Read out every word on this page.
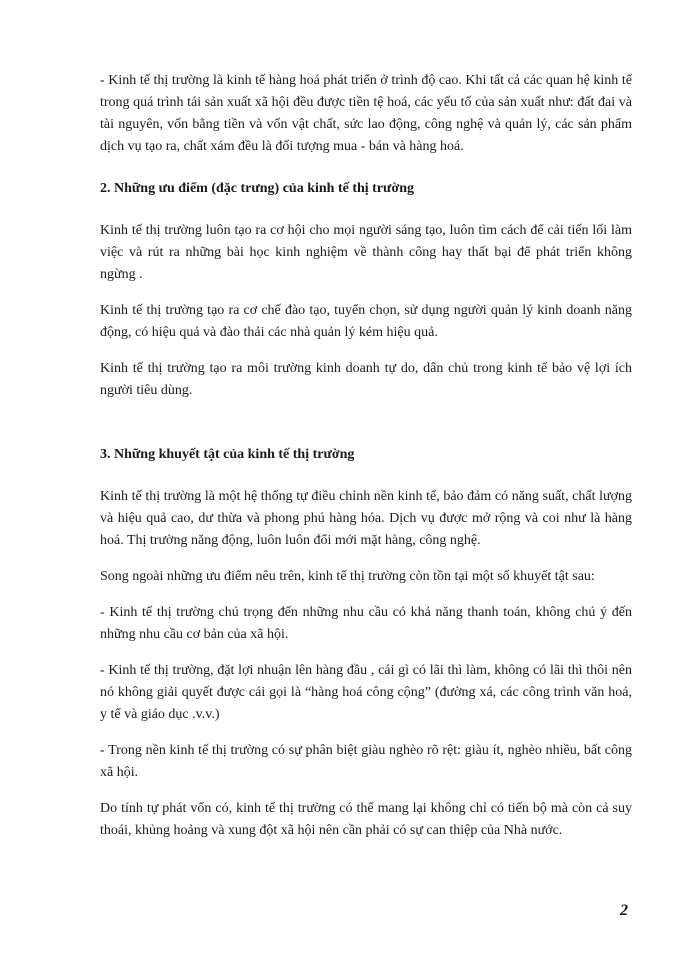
- Kinh tế thị trường là kinh tế hàng hoá phát triển ở trình độ cao. Khi tất cả các quan hệ kinh tế trong quá trình tái sản xuất xã hội đều được tiền tệ hoá, các yếu tố của sản xuất như: đất đai và tài nguyên, vốn bằng tiền và vốn vật chất, sức lao động, công nghệ và quản lý, các sản phẩm dịch vụ tạo ra, chất xám đều là đối tượng mua - bán và hàng hoá.

2. Những ưu điểm (đặc trưng) của kinh tế thị trường

Kinh tế thị trường luôn tạo ra cơ hội cho mọi người sáng tạo, luôn tìm cách để cải tiến lối làm việc và rút ra những bài học kinh nghiệm về thành công hay thất bại để phát triển không ngừng .

Kinh tế thị trường tạo ra cơ chế đào tạo, tuyển chọn, sử dụng người quản lý kinh doanh năng động, có hiệu quả và đào thải các nhà quản lý kém hiệu quả.

Kinh tế thị trường tạo ra môi trường kinh doanh tự do, dân chủ trong kinh tế bảo vệ lợi ích người tiêu dùng.

3. Những khuyết tật của kinh tế thị trường

Kinh tế thị trường là một hệ thống tự điều chỉnh nền kinh tế, bảo đảm có năng suất, chất lượng và hiệu quả cao, dư thừa và phong phú hàng hóa. Dịch vụ được mở rộng và coi như là hàng hoá. Thị trường năng động, luôn luôn đổi mới mặt hàng, công nghệ.

Song ngoài những ưu điểm nêu trên, kinh tế thị trường còn tồn tại một số khuyết tật sau:

- Kinh tế thị trường chú trọng đến những nhu cầu có khả năng thanh toán, không chú ý đến những nhu cầu cơ bản của xã hội.

- Kinh tế thị trường, đặt lợi nhuận lên hàng đầu , cái gì có lãi thì làm, không có lãi thì thôi nên nó không giải quyết được cái gọi là “hàng hoá công cộng” (đường xá, các công trình văn hoá, y tế và giáo dục .v.v.)

- Trong nền kinh tế thị trường có sự phân biệt giàu nghèo rõ rệt: giàu ít, nghèo nhiều, bất công xã hội.

Do tính tự phát vốn có, kinh tế thị trường có thể mang lại không chỉ có tiến bộ mà còn cả suy thoái, khủng hoảng và xung đột xã hội nên cần phải có sự can thiệp của Nhà nước.

2
